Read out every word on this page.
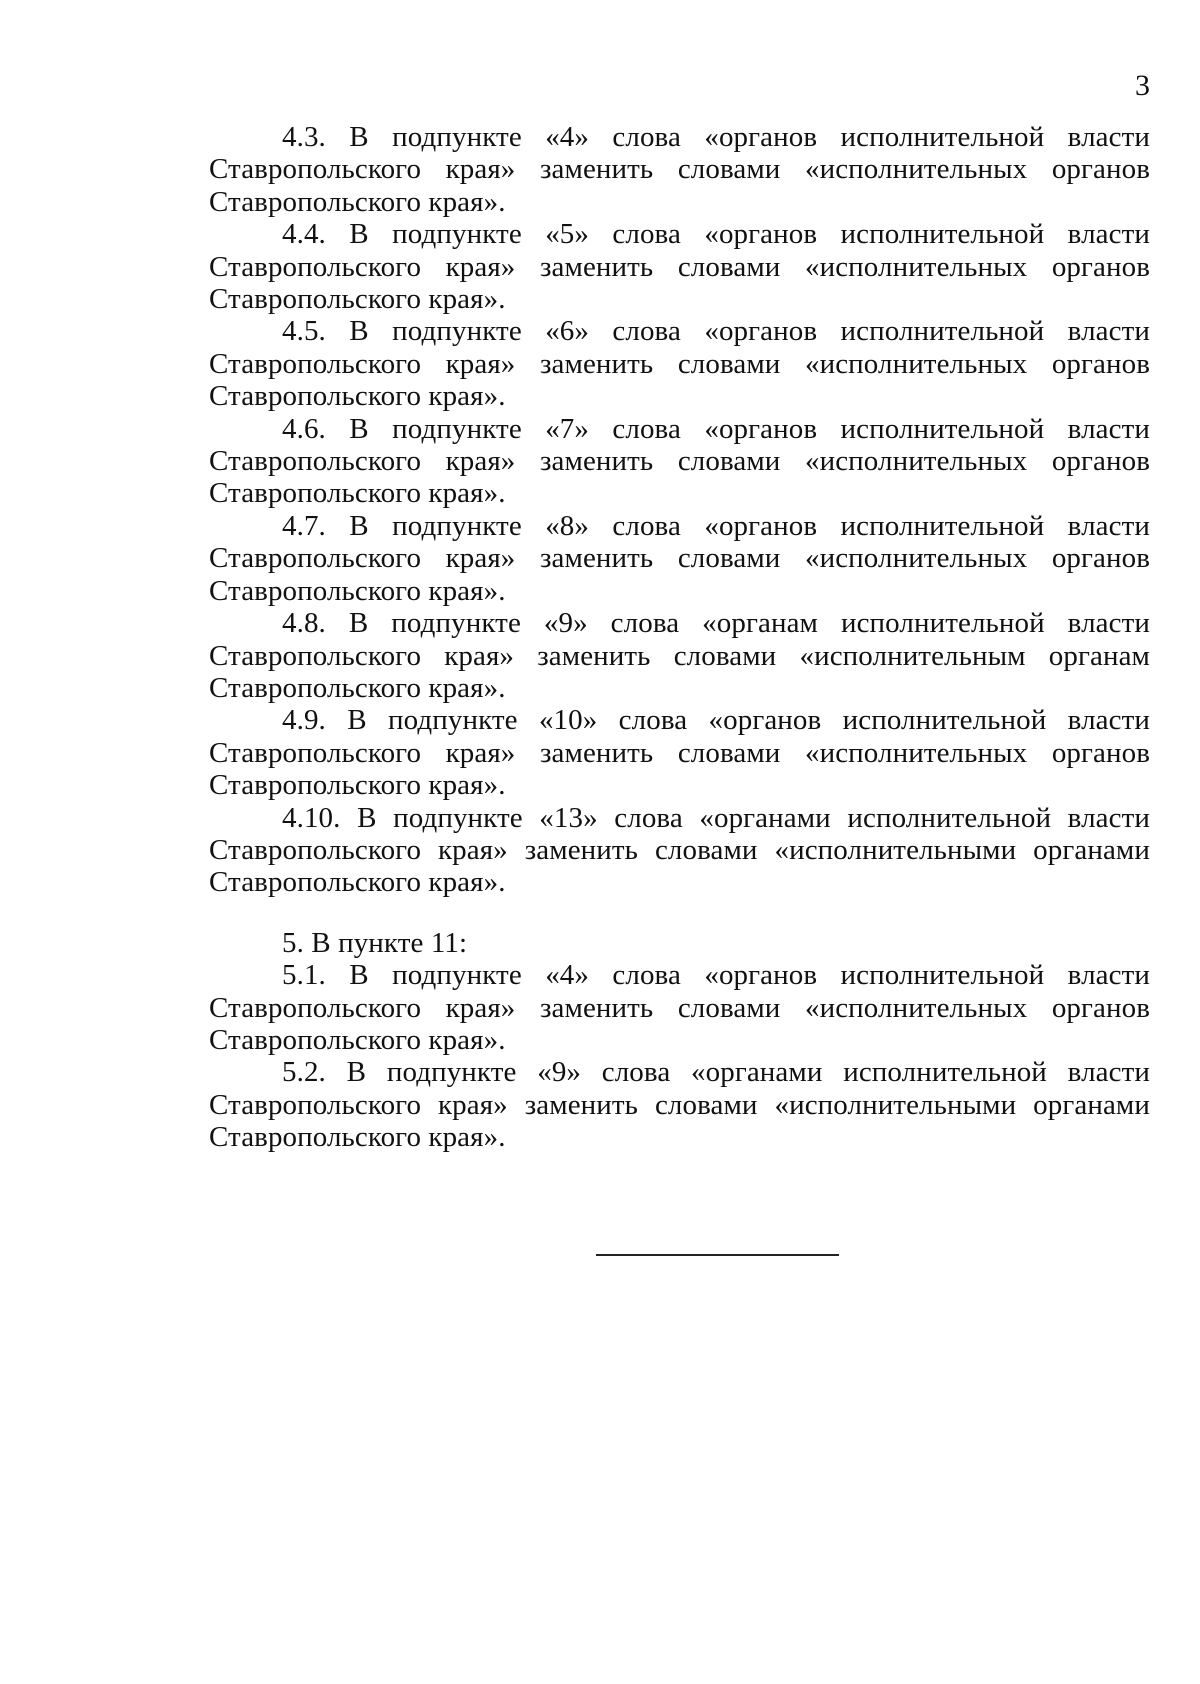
3

4.3. В подпункте «4» слова «органов исполнительной власти Ставропольского края» заменить словами «исполнительных органов Ставропольского края».

4.4. В подпункте «5» слова «органов исполнительной власти Ставропольского края» заменить словами «исполнительных органов Ставропольского края».

4.5. В подпункте «6» слова «органов исполнительной власти Ставропольского края» заменить словами «исполнительных органов Ставропольского края».

4.6. В подпункте «7» слова «органов исполнительной власти Ставропольского края» заменить словами «исполнительных органов Ставропольского края».

4.7. В подпункте «8» слова «органов исполнительной власти Ставропольского края» заменить словами «исполнительных органов Ставропольского края».

4.8. В подпункте «9» слова «органам исполнительной власти Ставропольского края» заменить словами «исполнительным органам Ставропольского края».

4.9. В подпункте «10» слова «органов исполнительной власти Ставропольского края» заменить словами «исполнительных органов Ставропольского края».

4.10. В подпункте «13» слова «органами исполнительной власти Ставропольского края» заменить словами «исполнительными органами Ставропольского края».

5. В пункте 11:

5.1. В подпункте «4» слова «органов исполнительной власти Ставропольского края» заменить словами «исполнительных органов Ставропольского края».

5.2. В подпункте «9» слова «органами исполнительной власти Ставропольского края» заменить словами «исполнительными органами Ставропольского края».
